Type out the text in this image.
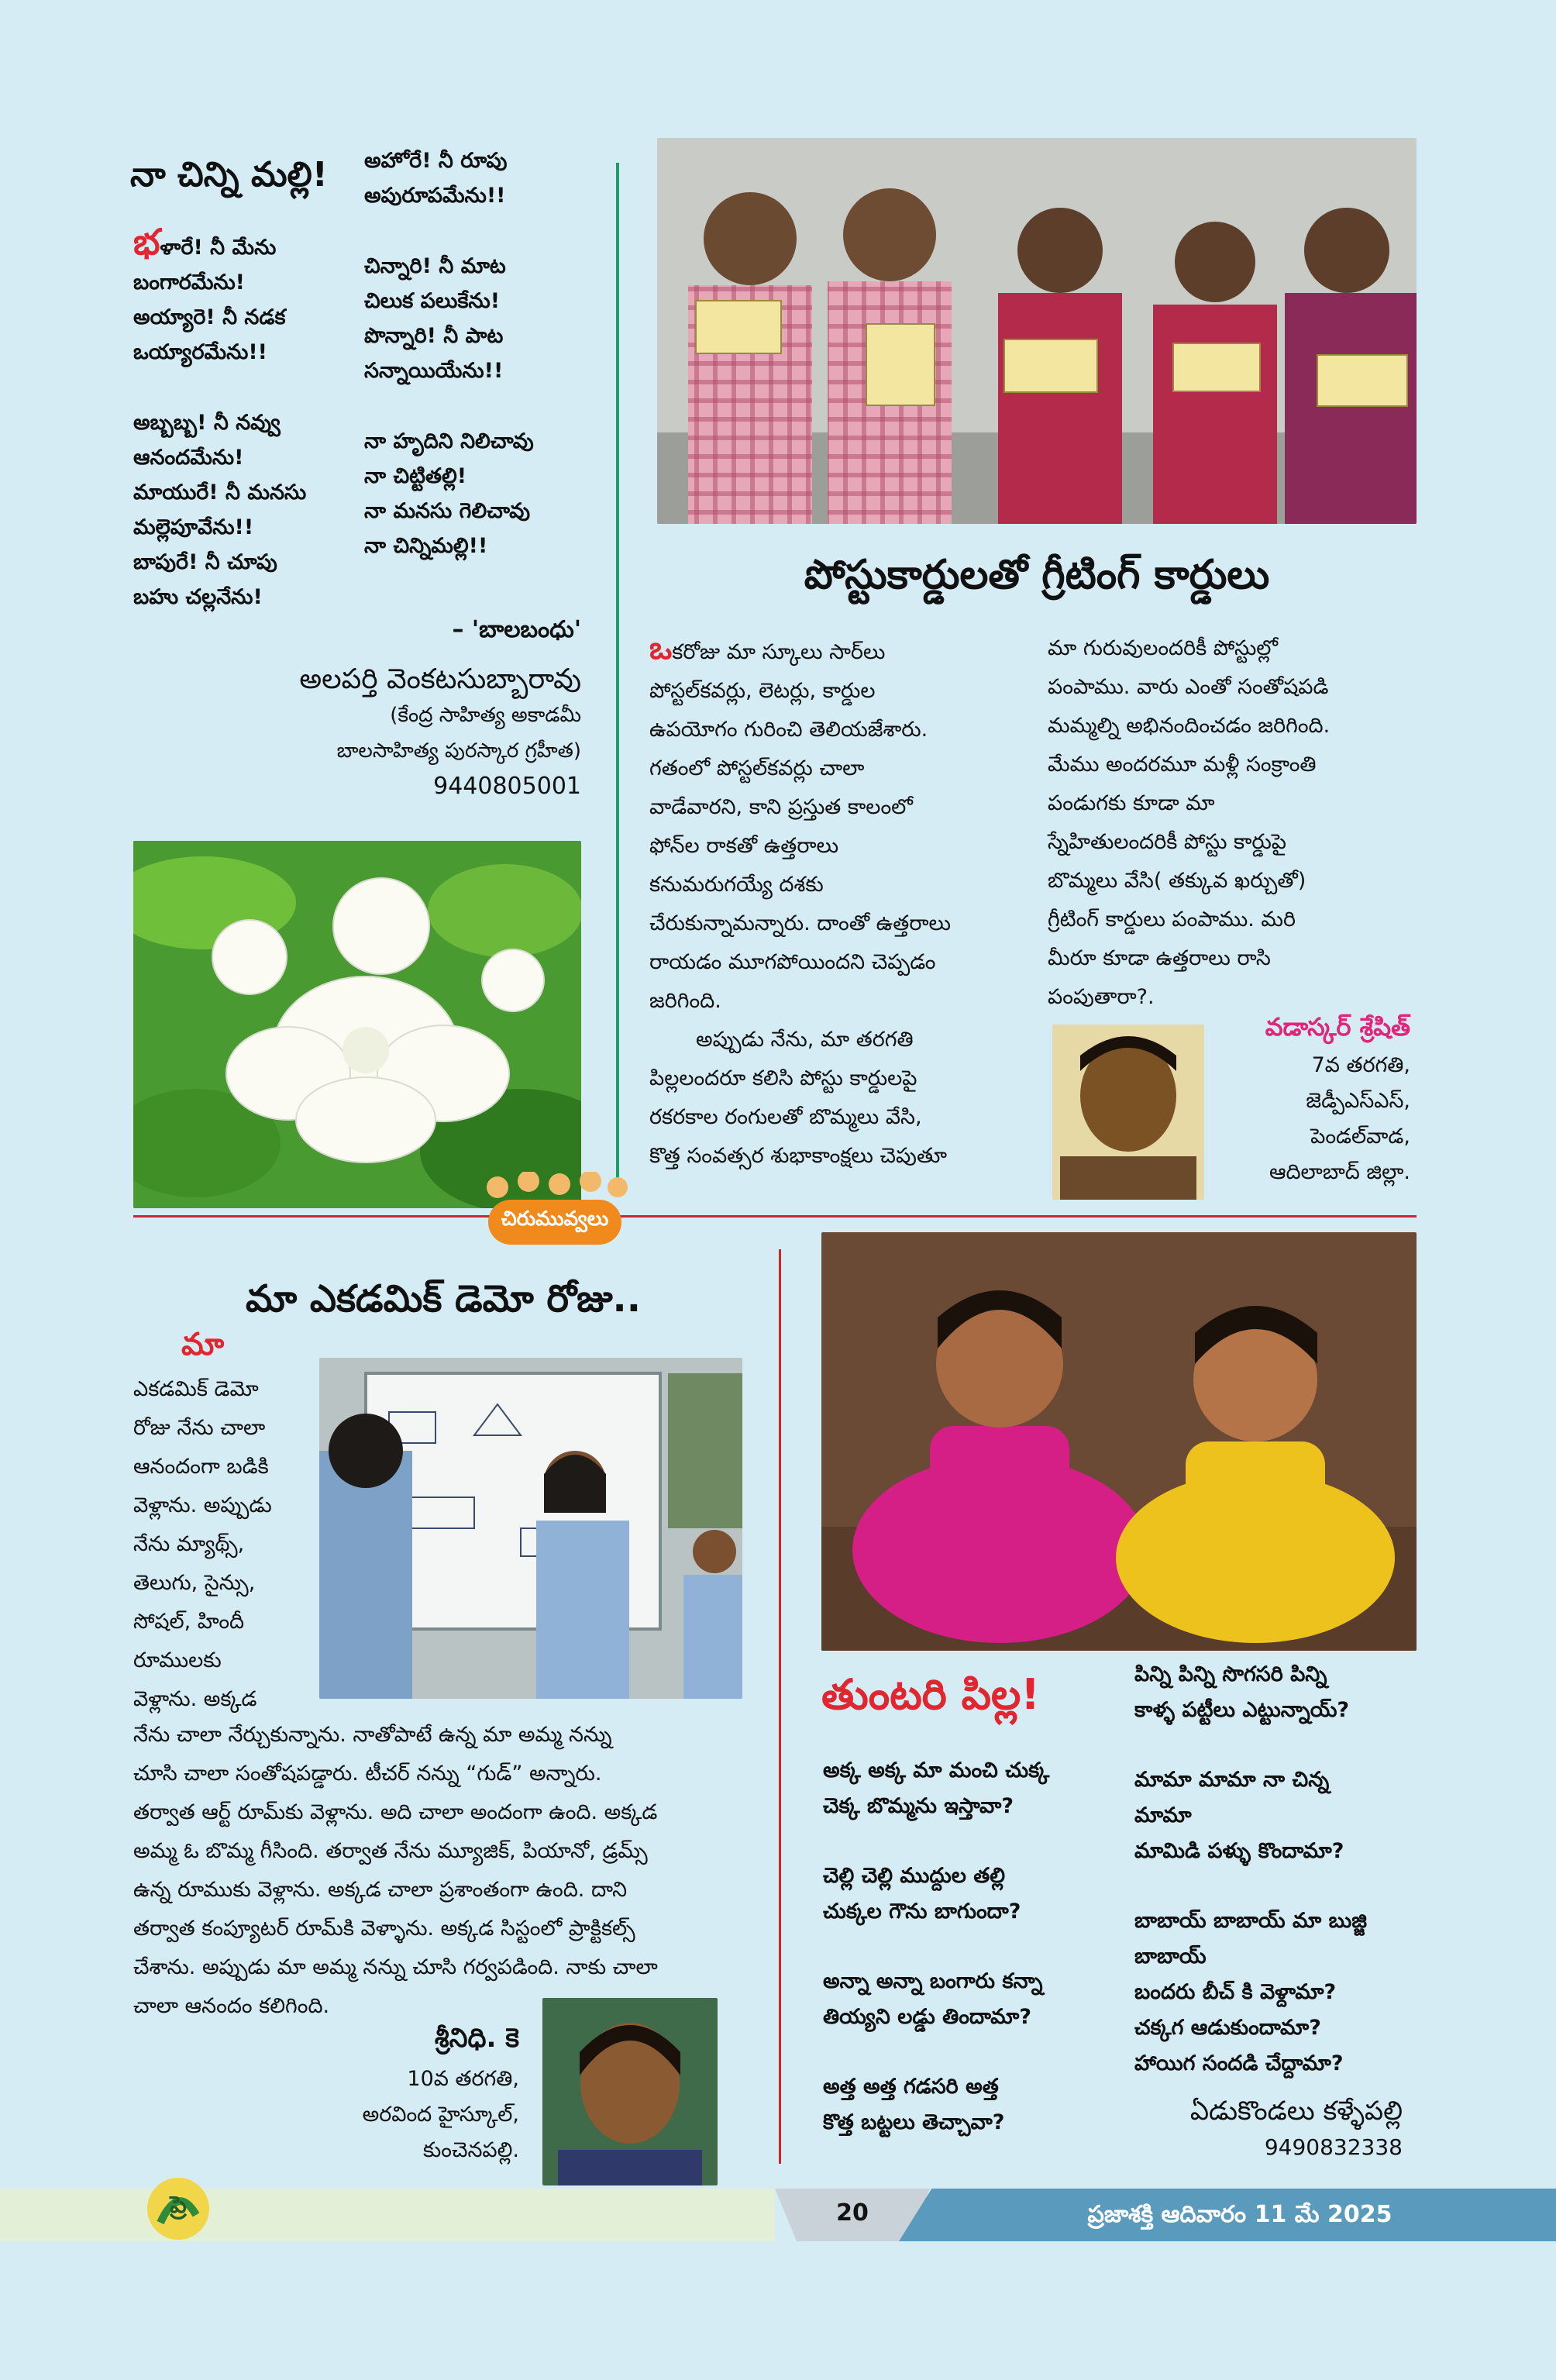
నా చిన్ని మల్లి!
భళారే! నీ మేను
బంగారమేను!
అయ్యారె! నీ నడక
ఒయ్యారమేను!!
అబ్బబ్బ! నీ నవ్వు
ఆనందమేను!
మాయురే! నీ మనసు
మల్లెపూవేను!!
బాపురే! నీ చూపు
బహు చల్లనేను!
అహోరే! నీ రూపు
అపురూపమేను!!
చిన్నారి! నీ మాట
చిలుక పలుకేను!
పొన్నారి! నీ పాట
సన్నాయియేను!!
నా హృదిని నిలిచావు
నా చిట్టితల్లి!
నా మనసు గెలిచావు
నా చిన్నిమల్లి!!
– 'బాలబంధు'
అలపర్తి వెంకటసుబ్బారావు
(కేంద్ర సాహిత్య అకాడమీ
బాలసాహిత్య పురస్కార గ్రహీత)
9440805001
పోస్టుకార్డులతో గ్రీటింగ్ కార్డులు

ఒకరోజు మా స్కూలు సార్‌లు

పోస్టల్‌కవర్లు, లెటర్లు, కార్డుల

ఉపయోగం గురించి తెలియజేశారు.

గతంలో పోస్టల్‌కవర్లు చాలా

వాడేవారని, కాని ప్రస్తుత కాలంలో

ఫోన్‌ల రాకతో ఉత్తరాలు

కనుమరుగయ్యే దశకు

చేరుకున్నామన్నారు. దాంతో ఉత్తరాలు

రాయడం మూగపోయిందని చెప్పడం

జరిగింది.

అప్పుడు నేను, మా తరగతి

పిల్లలందరూ కలిసి పోస్టు కార్డులపై

రకరకాల రంగులతో బొమ్మలు వేసి,

కొత్త సంవత్సర శుభాకాంక్షలు చెపుతూ

మా గురువులందరికీ పోస్టుల్లో

పంపాము. వారు ఎంతో సంతోషపడి

మమ్మల్ని అభినందించడం జరిగింది.

మేము అందరమూ మళ్లీ సంక్రాంతి

పండుగకు కూడా మా

స్నేహితులందరికీ పోస్టు కార్డుపై

బొమ్మలు వేసి( తక్కువ ఖర్చుతో)

గ్రీటింగ్ కార్డులు పంపాము. మరి

మీరూ కూడా ఉత్తరాలు రాసి

పంపుతారా?.

వడాస్కర్ శ్రేషిత్

7వ తరగతి,

జెడ్పీఎస్ఎస్,

పెండల్‌వాడ,

ఆదిలాబాద్ జిల్లా.

చిరుమువ్వలు
మా ఎకడమిక్ డెమో రోజు..
మా

ఎకడమిక్ డెమో

రోజు నేను చాలా

ఆనందంగా బడికి

వెళ్లాను. అప్పుడు

నేను మ్యాథ్స్,

తెలుగు, సైన్సు,

సోషల్, హిందీ

రూములకు

వెళ్లాను. అక్కడ

నేను చాలా నేర్చుకున్నాను. నాతోపాటే ఉన్న మా అమ్మ నన్ను

చూసి చాలా సంతోషపడ్డారు. టీచర్ నన్ను “గుడ్” అన్నారు.

తర్వాత ఆర్ట్ రూమ్‌కు వెళ్లాను. అది చాలా అందంగా ఉంది. అక్కడ

అమ్మ ఓ బొమ్మ గీసింది. తర్వాత నేను మ్యూజిక్, పియానో, డ్రమ్స్

ఉన్న రూముకు వెళ్లాను. అక్కడ చాలా ప్రశాంతంగా ఉంది. దాని

తర్వాత కంప్యూటర్ రూమ్‌కి వెళ్ళాను. అక్కడ సిస్టంలో ప్రాక్టికల్స్

చేశాను. అప్పుడు మా అమ్మ నన్ను చూసి గర్వపడింది. నాకు చాలా

చాలా ఆనందం కలిగింది.

శ్రీనిధి. కె

10వ తరగతి,

అరవింద హైస్కూల్,

కుంచెనపల్లి.

తుంటరి పిల్ల!
అక్క అక్క మా మంచి చుక్క
చెక్క బొమ్మను ఇస్తావా?
చెల్లి చెల్లి ముద్దుల తల్లి
చుక్కల గౌను బాగుందా?
అన్నా అన్నా బంగారు కన్నా
తియ్యని లడ్డు తిందామా?
అత్త అత్త గడసరి అత్త
కొత్త బట్టలు తెచ్చావా?
పిన్ని పిన్ని సొగసరి పిన్ని
కాళ్ళ పట్టీలు ఎట్టున్నాయ్?
మామా మామా నా చిన్న
మామా
మామిడి పళ్ళు కొందామా?
బాబాయ్ బాబాయ్ మా బుజ్జి
బాబాయ్
బందరు బీచ్ కి వెళ్దామా?
చక్కగ ఆడుకుందామా?
హాయిగ సందడి చేద్దామా?
ఏడుకొండలు కళ్ళేపల్లి
9490832338
20	ప్రజాశక్తి ఆదివారం 11 మే 2025
ప్రె
